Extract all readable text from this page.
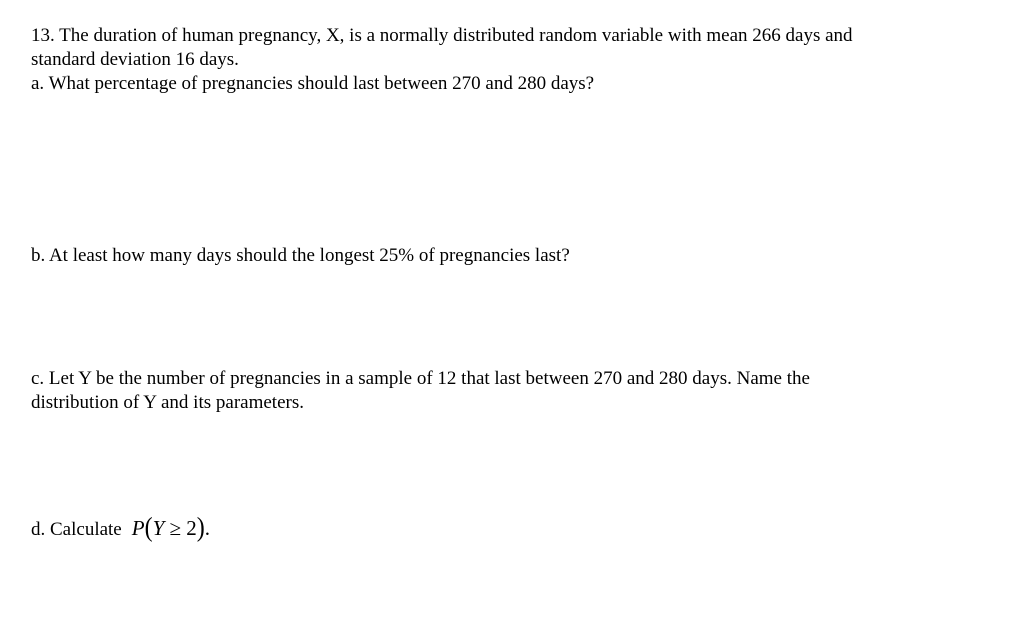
13. The duration of human pregnancy, X, is a normally distributed random variable with mean 266 days and

standard deviation 16 days.

a. What percentage of pregnancies should last between 270 and 280 days?

b. At least how many days should the longest 25% of pregnancies last?

c. Let Y be the number of pregnancies in a sample of 12 that last between 270 and 280 days. Name the

distribution of Y and its parameters.

d. Calculate P(Y ≥ 2).
